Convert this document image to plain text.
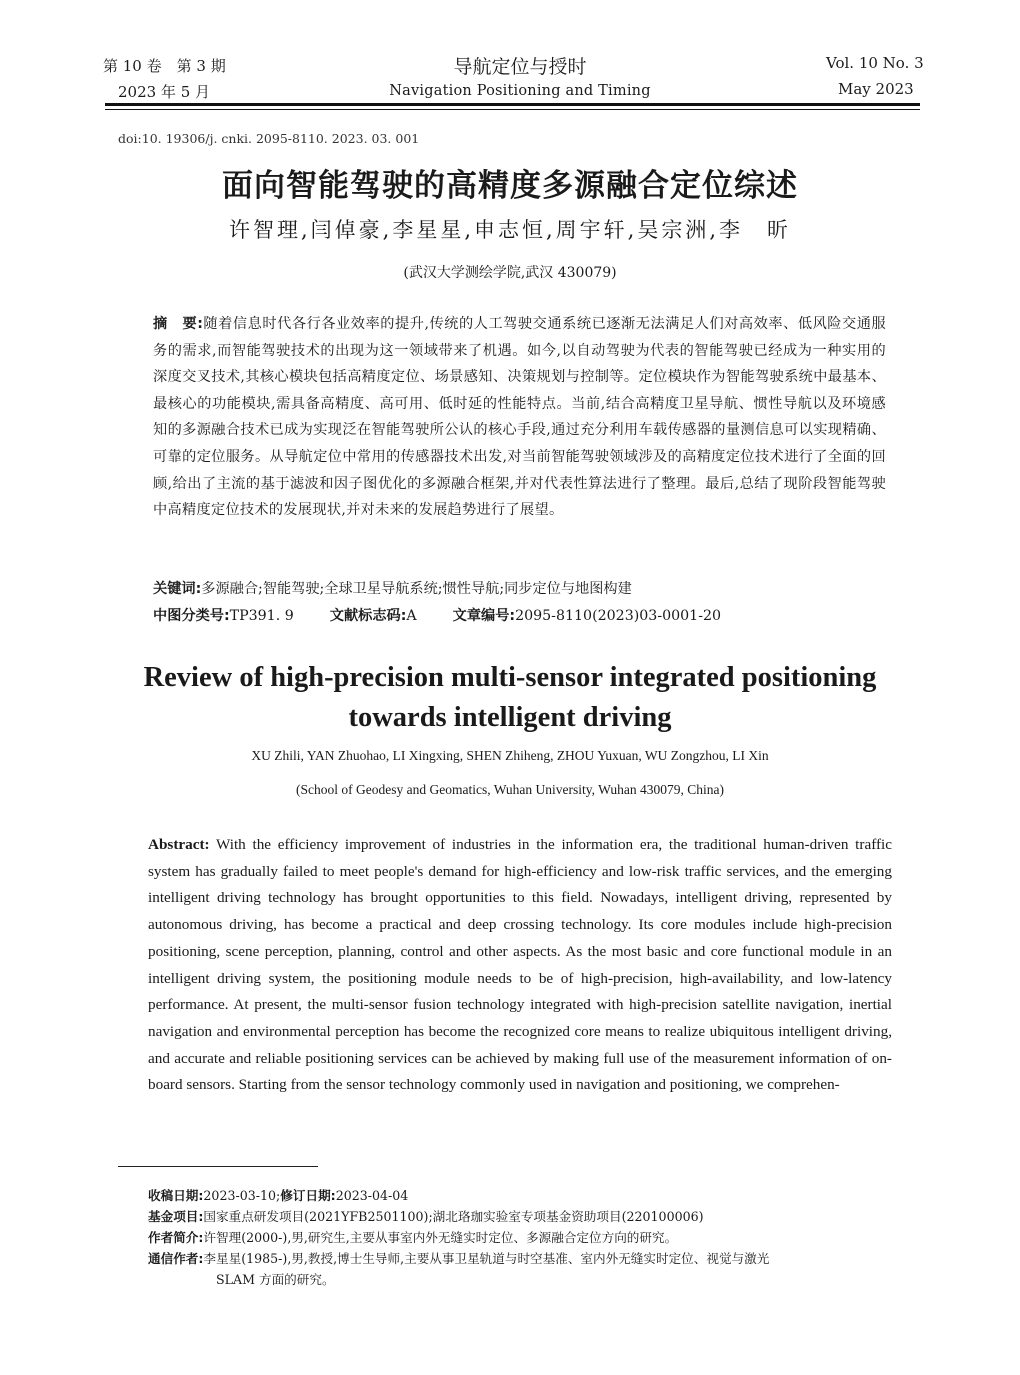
第 10 卷　第 3 期
2023 年 5 月
导航定位与授时
Navigation Positioning and Timing
Vol. 10 No. 3
May 2023
doi:10. 19306/j. cnki. 2095-8110. 2023. 03. 001
面向智能驾驶的高精度多源融合定位综述
许智理,闫倬豪,李星星,申志恒,周宇轩,吴宗洲,李　昕
(武汉大学测绘学院,武汉 430079)
摘　要:随着信息时代各行各业效率的提升,传统的人工驾驶交通系统已逐渐无法满足人们对高效率、低风险交通服务的需求,而智能驾驶技术的出现为这一领域带来了机遇。如今,以自动驾驶为代表的智能驾驶已经成为一种实用的深度交叉技术,其核心模块包括高精度定位、场景感知、决策规划与控制等。定位模块作为智能驾驶系统中最基本、最核心的功能模块,需具备高精度、高可用、低时延的性能特点。当前,结合高精度卫星导航、惯性导航以及环境感知的多源融合技术已成为实现泛在智能驾驶所公认的核心手段,通过充分利用车载传感器的量测信息可以实现精确、可靠的定位服务。从导航定位中常用的传感器技术出发,对当前智能驾驶领域涉及的高精度定位技术进行了全面的回顾,给出了主流的基于滤波和因子图优化的多源融合框架,并对代表性算法进行了整理。最后,总结了现阶段智能驾驶中高精度定位技术的发展现状,并对未来的发展趋势进行了展望。
关键词:多源融合;智能驾驶;全球卫星导航系统;惯性导航;同步定位与地图构建
中图分类号:TP391. 9	文献标志码:A	文章编号:2095-8110(2023)03-0001-20
Review of high-precision multi-sensor integrated positioning
towards intelligent driving
XU Zhili, YAN Zhuohao, LI Xingxing, SHEN Zhiheng, ZHOU Yuxuan, WU Zongzhou, LI Xin
(School of Geodesy and Geomatics, Wuhan University, Wuhan 430079, China)
Abstract: With the efficiency improvement of industries in the information era, the traditional human-driven traffic system has gradually failed to meet people's demand for high-efficiency and low-risk traffic services, and the emerging intelligent driving technology has brought opportunities to this field. Nowadays, intelligent driving, represented by autonomous driving, has become a practical and deep crossing technology. Its core modules include high-precision positioning, scene perception, planning, control and other aspects. As the most basic and core functional module in an intelligent driving system, the positioning module needs to be of high-precision, high-availability, and low-latency performance. At present, the multi-sensor fusion technology integrated with high-precision satellite navigation, inertial navigation and environmental perception has become the recognized core means to realize ubiquitous intelligent driving, and accurate and reliable positioning services can be achieved by making full use of the measurement information of on-board sensors. Starting from the sensor technology commonly used in navigation and positioning, we comprehen-
收稿日期:2023-03-10;修订日期:2023-04-04
基金项目:国家重点研发项目(2021YFB2501100);湖北珞珈实验室专项基金资助项目(220100006)
作者简介:许智理(2000-),男,研究生,主要从事室内外无缝实时定位、多源融合定位方向的研究。
通信作者:李星星(1985-),男,教授,博士生导师,主要从事卫星轨道与时空基准、室内外无缝实时定位、视觉与激光
SLAM 方面的研究。
